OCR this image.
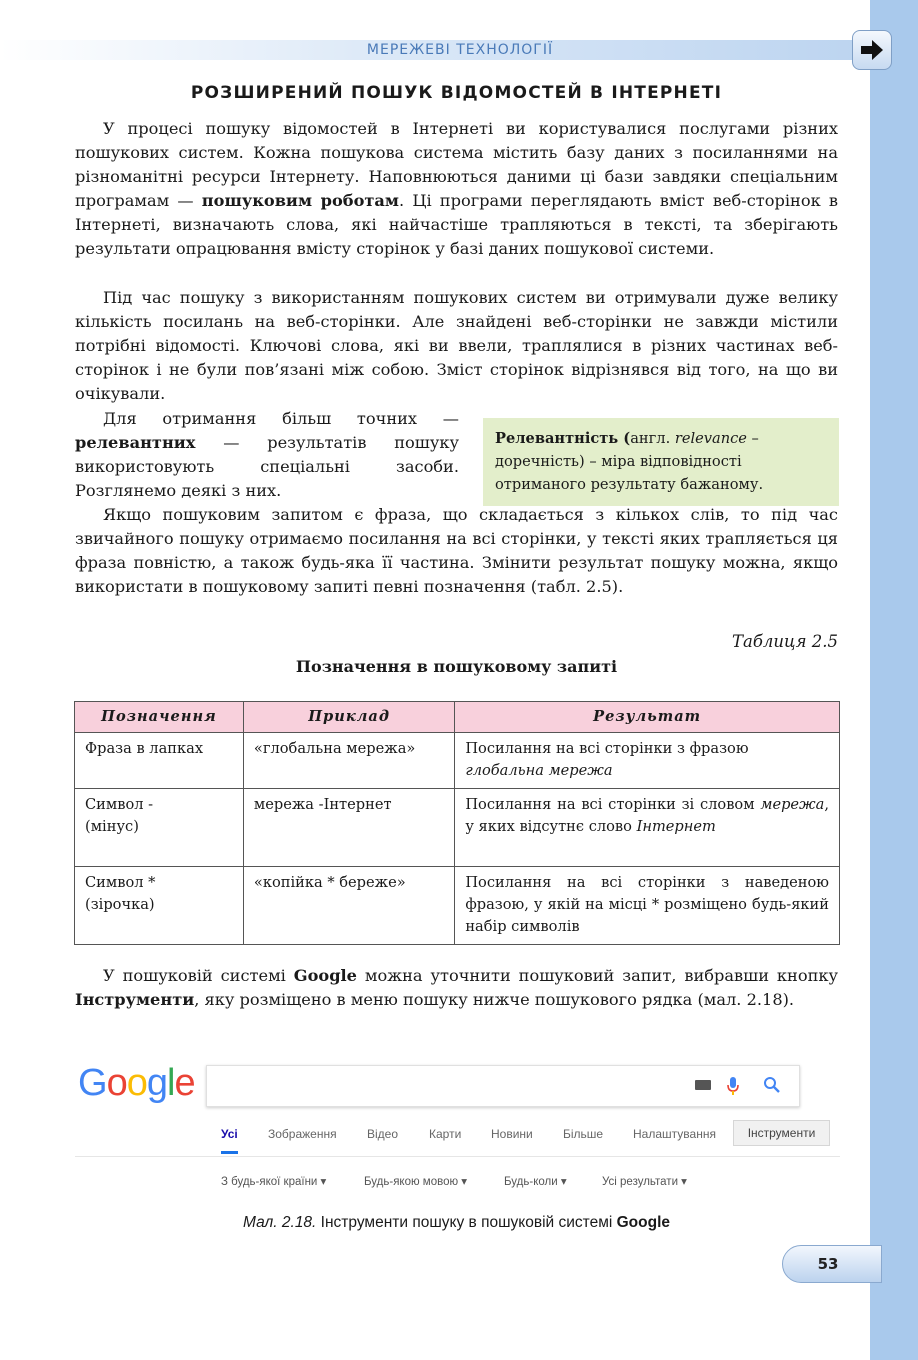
МЕРЕЖЕВІ ТЕХНОЛОГІЇ
РОЗШИРЕНИЙ ПОШУК ВІДОМОСТЕЙ В ІНТЕРНЕТІ

У процесі пошуку відомостей в Інтернеті ви користувалися послугами різних пошукових систем. Кожна пошукова система містить базу даних з посиланнями на різноманітні ресурси Інтернету. Наповнюються даними ці бази завдяки спеціальним програмам — пошуковим роботам. Ці програми переглядають вміст веб-сторінок в Інтернеті, визначають слова, які найчастіше трапляються в тексті, та зберігають результати опрацювання вмісту сторінок у базі даних пошукової системи.

Під час пошуку з використанням пошукових систем ви отримували дуже велику кількість посилань на веб-сторінки. Але знайдені веб-сторінки не завжди містили потрібні відомості. Ключові слова, які ви ввели, траплялися в різних частинах веб-сторінок і не були пов’язані між собою. Зміст сторінок відрізнявся від того, на що ви очікували.

Для отримання більш точних — релевантних — результатів пошуку використовують спеціальні засоби. Розглянемо деякі з них.

Релевантність (англ. relevance – доречність) – міра відповідності отриманого результату бажаному.

Якщо пошуковим запитом є фраза, що складається з кількох слів, то під час звичайного пошуку отримаємо посилання на всі сторінки, у тексті яких трапляється ця фраза повністю, а також будь-яка її частина. Змінити результат пошуку можна, якщо використати в пошуковому запиті певні позначення (табл. 2.5).

Таблиця 2.5
Позначення в пошуковому запиті
Позначення	Приклад	Результат
Фраза в лапках	«глобальна мережа»	Посилання на всі сторінки з фразою глобальна мережа
Символ -
(мінус)	мережа -Інтернет	Посилання на всі сторінки зі словом мережа, у яких відсутнє слово Інтернет
Символ *
(зірочка)	«копійка * береже»	Посилання на всі сторінки з наведеною фразою, у якій на місці * розміщено будь-який набір символів

У пошуковій системі Google можна уточнити пошуковий запит, вибравши кнопку Інструменти, яку розміщено в меню пошуку нижче пошукового рядка (мал. 2.18).

Google
Усі	Зображення	Відео	Карти Новини	Більше Налаштування	Інструменти
З будь-якої країни ▾	Будь-якою мовою ▾	Будь-коли ▾	Усі результати ▾
Мал. 2.18. Інструменти пошуку в пошуковій системі Google
53
